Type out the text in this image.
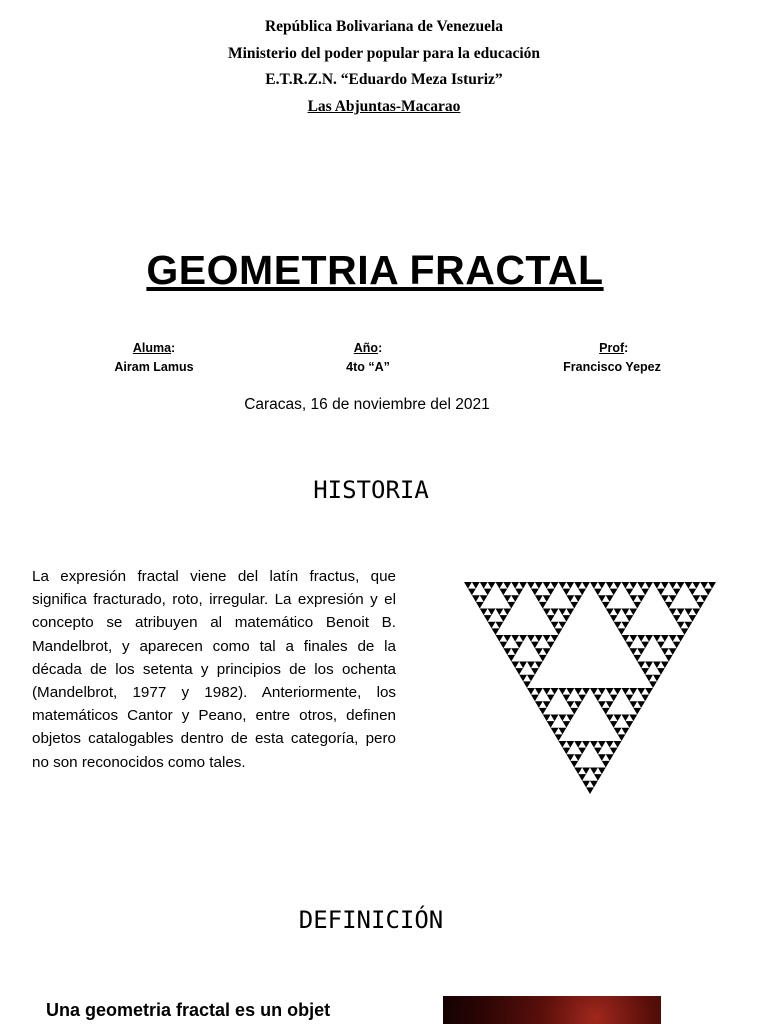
República Bolivariana de Venezuela
Ministerio del poder popular para la educación
E.T.R.Z.N. “Eduardo Meza Isturiz”
Las Abjuntas-Macarao
GEOMETRIA FRACTAL
Aluma:
Airam Lamus
Año:
4to “A”
Prof:
Francisco Yepez
Caracas, 16 de noviembre del 2021
HISTORIA
La expresión fractal viene del latín fractus, que significa fracturado, roto, irregular. La expresión y el concepto se atribuyen al matemático Benoit B. Mandelbrot, y aparecen como tal a finales de la década de los setenta y principios de los ochenta (Mandelbrot, 1977 y 1982). Anteriormente, los matemáticos Cantor y Peano, entre otros, definen objetos catalogables dentro de esta categoría, pero no son reconocidos como tales.
DEFINICIÓN
Una geometria fractal es un objet
